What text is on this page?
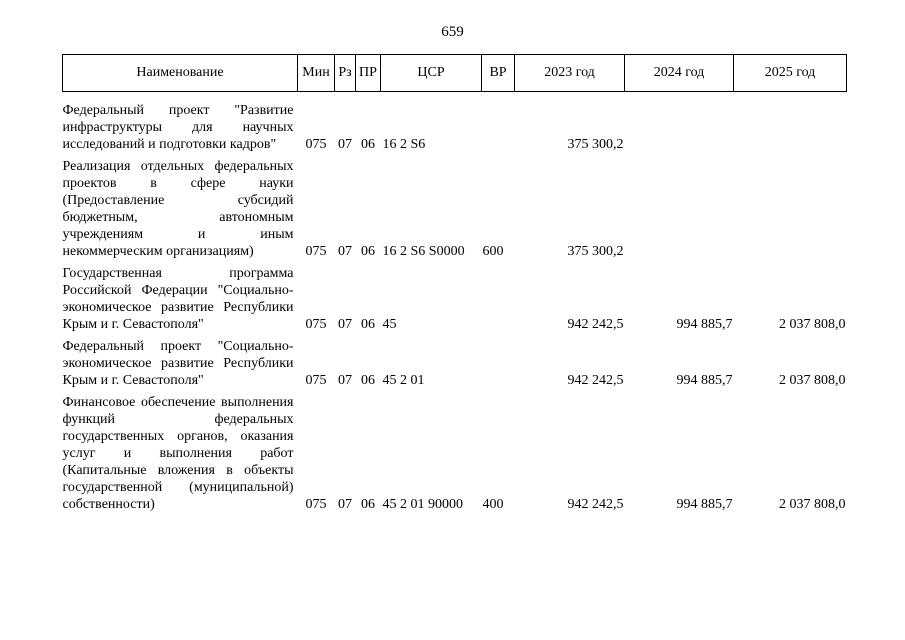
659
Наименование	Мин	Рз	ПР	ЦСР	ВР	2023 год	2024 год	2025 год

Федеральный проект "Развитие инфраструктуры для научных исследований и подготовки кадров"	075	07	06	16 2 S6		375 300,2		
Реализация отдельных федеральных проектов в сфере науки (Предоставление субсидий бюджетным, автономным учреждениям и иным некоммерческим организациям)	075	07	06	16 2 S6 S0000	600	375 300,2		
Государственная программа Российской Федерации "Социально-экономическое развитие Республики Крым и г. Севастополя"	075	07	06	45		942 242,5	994 885,7	2 037 808,0
Федеральный проект "Социально-экономическое развитие Республики Крым и г. Севастополя"	075	07	06	45 2 01		942 242,5	994 885,7	2 037 808,0
Финансовое обеспечение выполнения функций федеральных государственных органов, оказания услуг и выполнения работ (Капитальные вложения в объекты государственной (муниципальной) собственности)	075	07	06	45 2 01 90000	400	942 242,5	994 885,7	2 037 808,0
